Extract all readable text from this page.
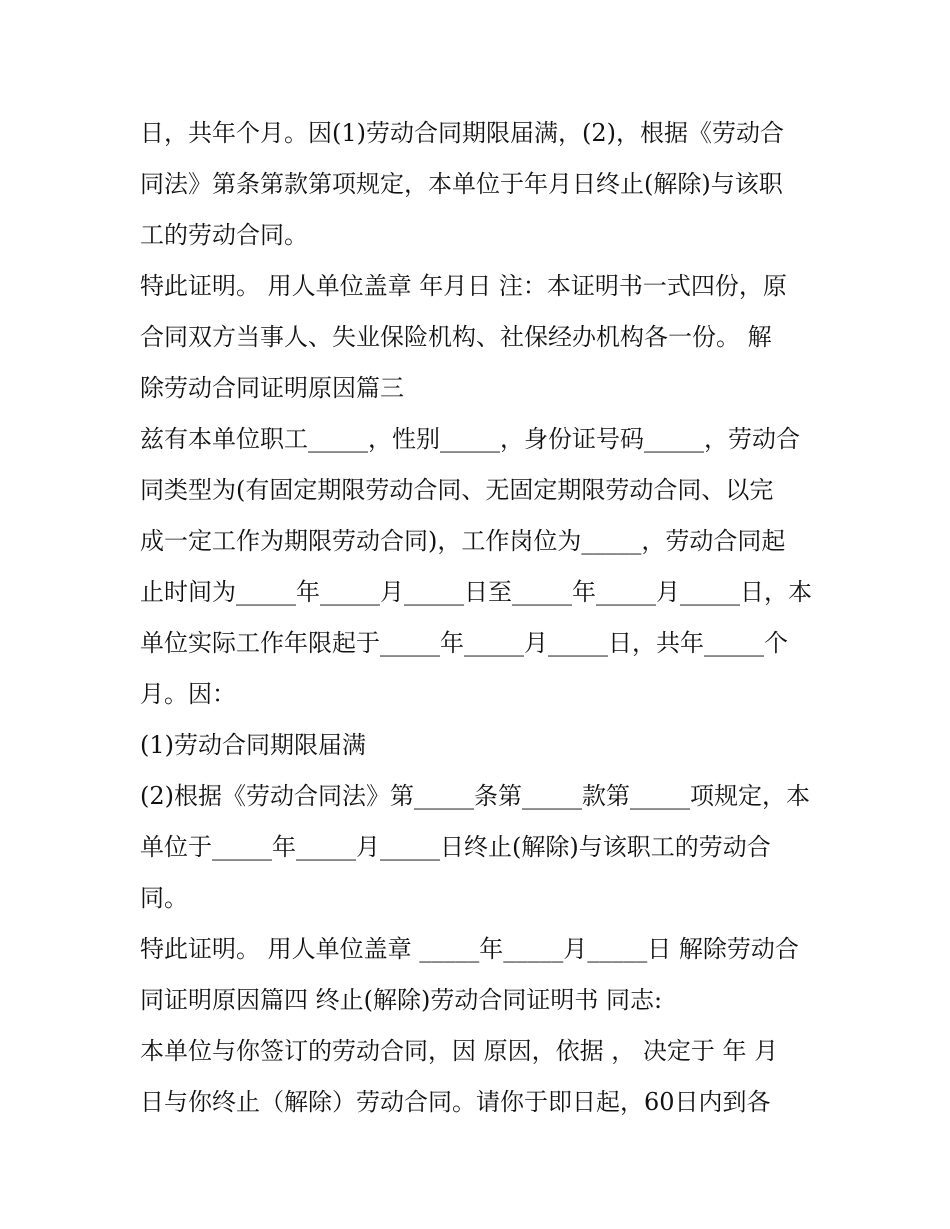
日，共年个月。因(1)劳动合同期限届满，(2)，根据《劳动合
同法》第条第款第项规定，本单位于年月日终止(解除)与该职
工的劳动合同。
特此证明。 用人单位盖章 年月日 注：本证明书一式四份，原
合同双方当事人、失业保险机构、社保经办机构各一份。 解
除劳动合同证明原因篇三
兹有本单位职工_____，性别_____，身份证号码_____，劳动合
同类型为(有固定期限劳动合同、无固定期限劳动合同、以完
成一定工作为期限劳动合同)，工作岗位为_____，劳动合同起
止时间为_____年_____月_____日至_____年_____月_____日，本
单位实际工作年限起于_____年_____月_____日，共年_____个
月。因：
(1)劳动合同期限届满
(2)根据《劳动合同法》第_____条第_____款第_____项规定，本
单位于_____年_____月_____日终止(解除)与该职工的劳动合
同。
特此证明。 用人单位盖章 _____年_____月_____日 解除劳动合
同证明原因篇四 终止(解除)劳动合同证明书 同志:
本单位与你签订的劳动合同，因 原因，依据 ， 决定于 年 月
日与你终止（解除）劳动合同。请你于即日起，60日内到各
